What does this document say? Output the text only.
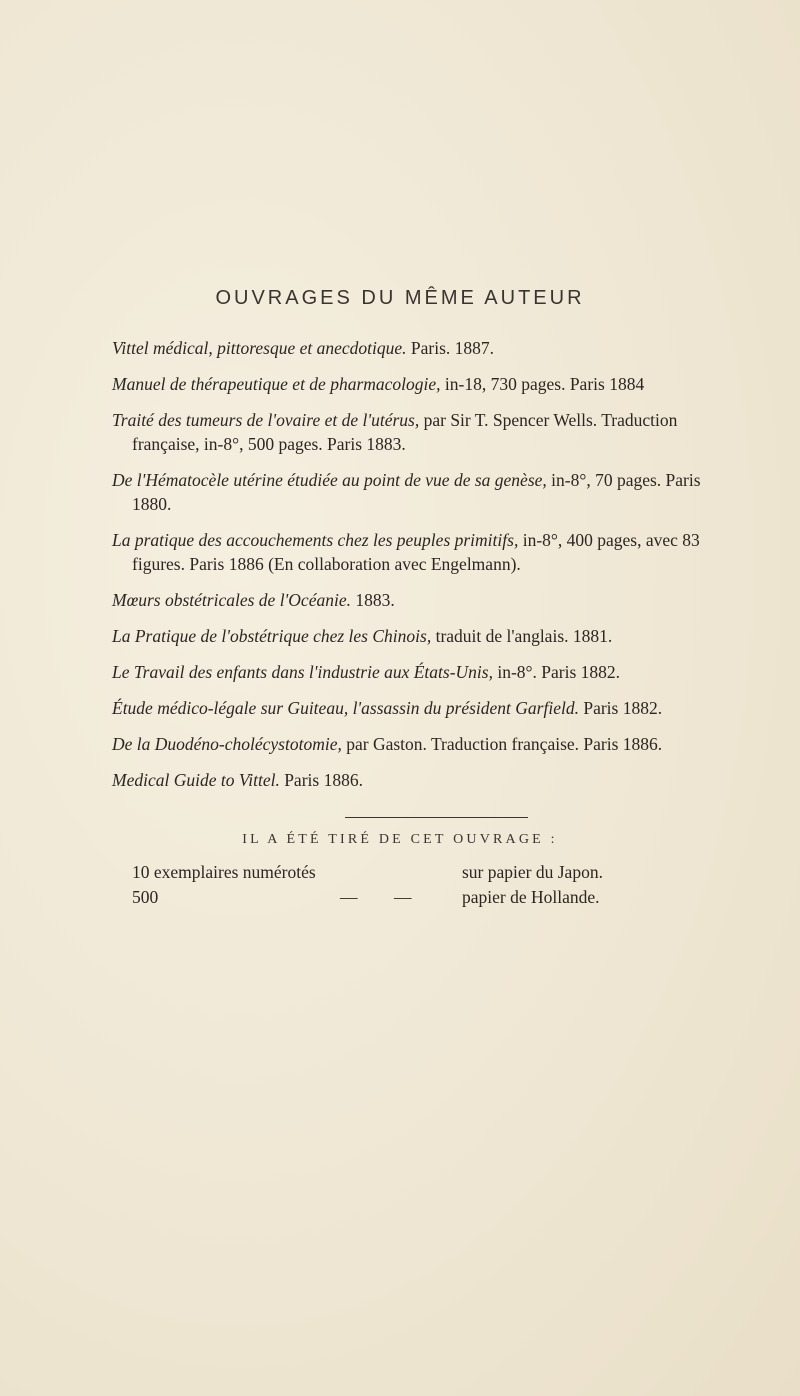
OUVRAGES DU MÊME AUTEUR

Vittel médical, pittoresque et anecdotique. Paris. 1887.

Manuel de thérapeutique et de pharmacologie, in-18, 730 pages. Paris 1884

Traité des tumeurs de l'ovaire et de l'utérus, par Sir T. Spencer Wells. Traduction française, in-8°, 500 pages. Paris 1883.

De l'Hématocèle utérine étudiée au point de vue de sa genèse, in-8°, 70 pages. Paris 1880.

La pratique des accouchements chez les peuples primitifs, in-8°, 400 pages, avec 83 figures. Paris 1886 (En collaboration avec Engelmann).

Mœurs obstétricales de l'Océanie. 1883.

La Pratique de l'obstétrique chez les Chinois, traduit de l'anglais. 1881.

Le Travail des enfants dans l'industrie aux États-Unis, in-8°. Paris 1882.

Étude médico-légale sur Guiteau, l'assassin du président Garfield. Paris 1882.

De la Duodéno-cholécystotomie, par Gaston. Traduction française. Paris 1886.

Medical Guide to Vittel. Paris 1886.

IL A ÉTÉ TIRÉ DE CET OUVRAGE :
10 exemplaires numérotés	sur papier du Japon.
500	— —	papier de Hollande.
